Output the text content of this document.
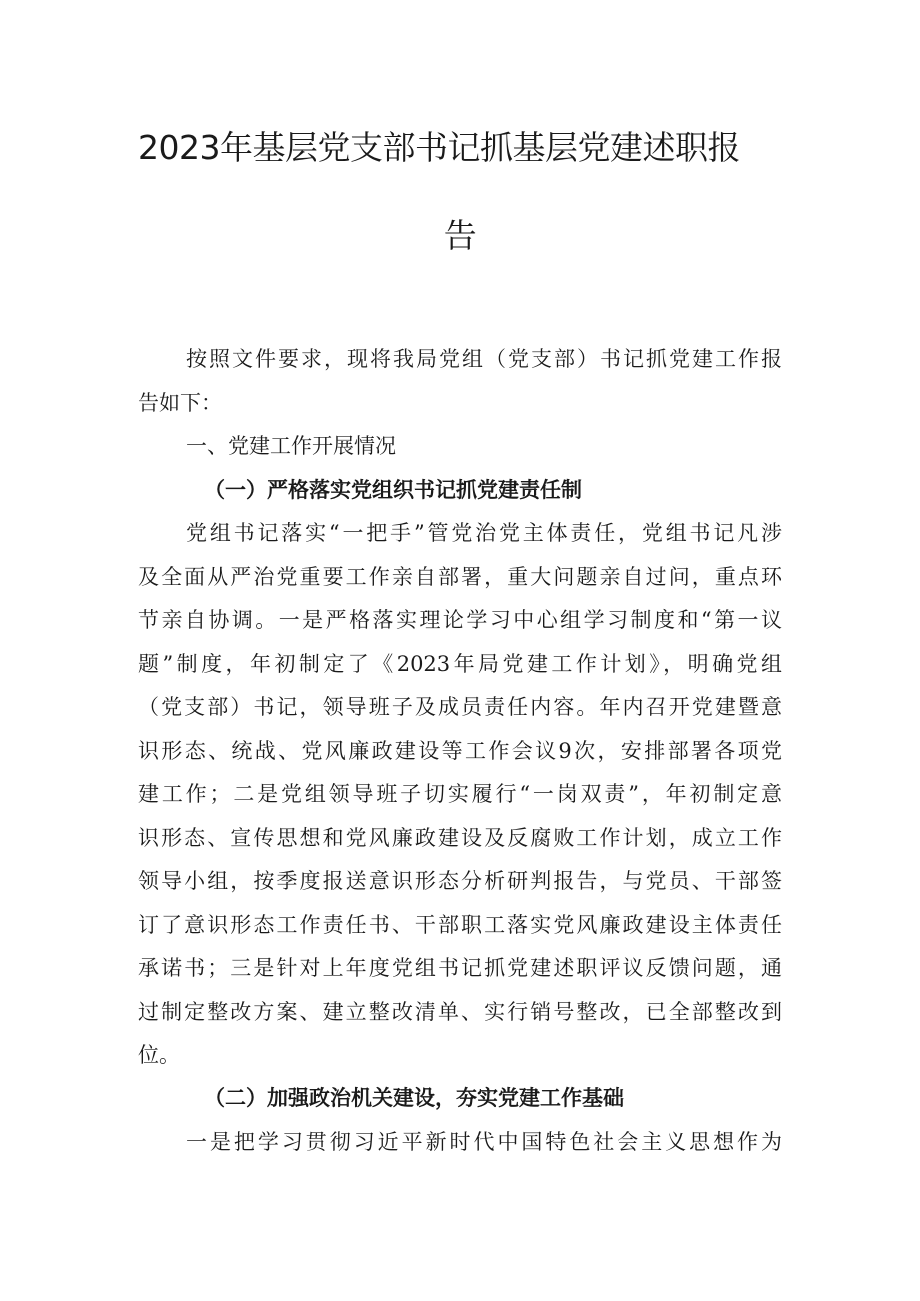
2023年基层党支部书记抓基层党建述职报
告
按照文件要求，现将我局党组（党支部）书记抓党建工作报
告如下：
一、党建工作开展情况
（一）严格落实党组织书记抓党建责任制
党组书记落实“一把手”管党治党主体责任，党组书记凡涉
及全面从严治党重要工作亲自部署，重大问题亲自过问，重点环
节亲自协调。一是严格落实理论学习中心组学习制度和“第一议
题”制度，年初制定了《2023年局党建工作计划》，明确党组
（党支部）书记，领导班子及成员责任内容。年内召开党建暨意
识形态、统战、党风廉政建设等工作会议9次，安排部署各项党
建工作；二是党组领导班子切实履行“一岗双责”，年初制定意
识形态、宣传思想和党风廉政建设及反腐败工作计划，成立工作
领导小组，按季度报送意识形态分析研判报告，与党员、干部签
订了意识形态工作责任书、干部职工落实党风廉政建设主体责任
承诺书；三是针对上年度党组书记抓党建述职评议反馈问题，通
过制定整改方案、建立整改清单、实行销号整改，已全部整改到
位。
（二）加强政治机关建设，夯实党建工作基础
一是把学习贯彻习近平新时代中国特色社会主义思想作为
